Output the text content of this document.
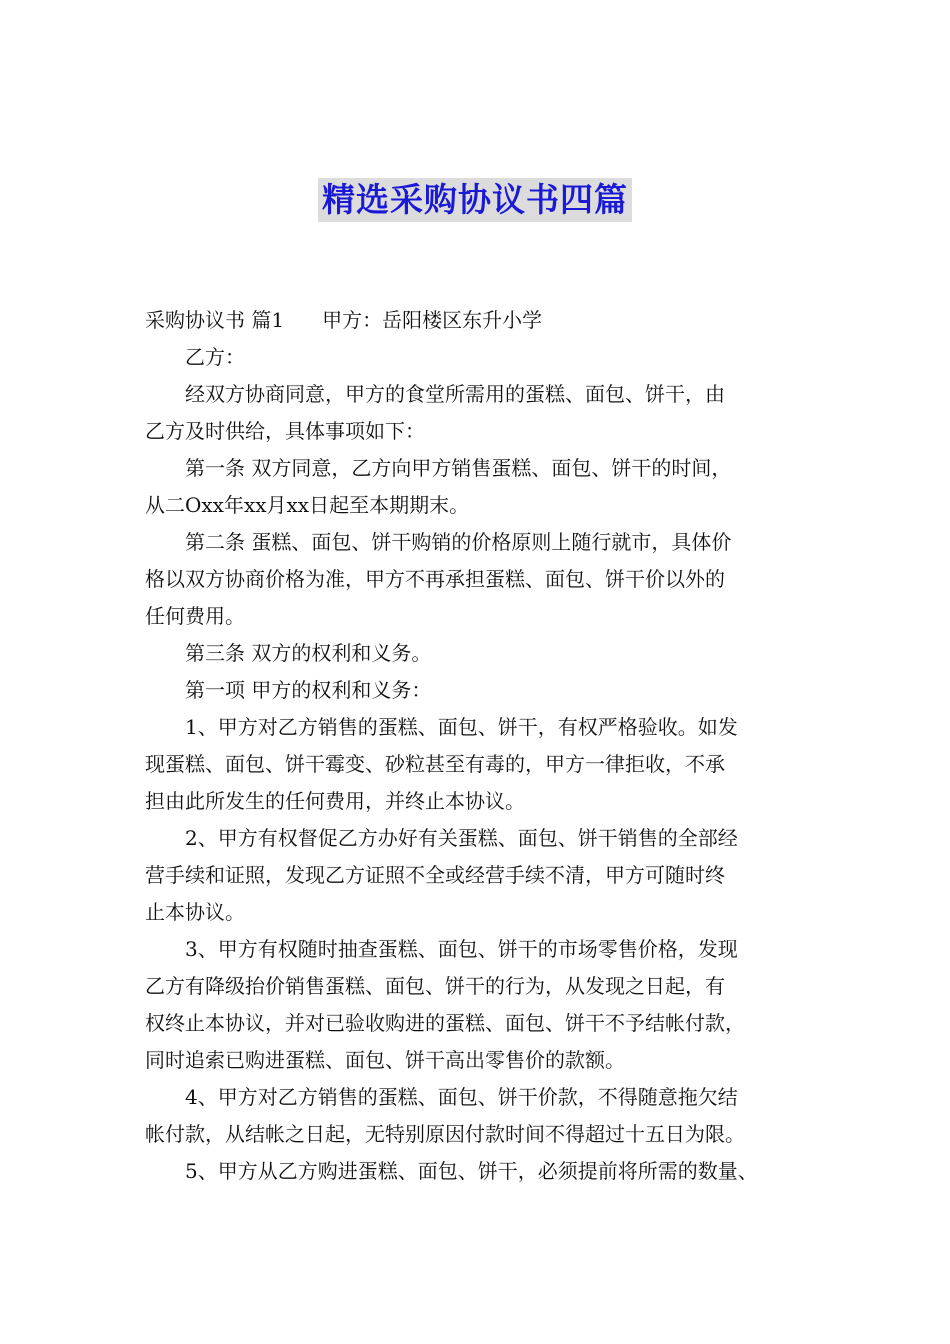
精选采购协议书四篇
采购协议书 篇1 甲方：岳阳楼区东升小学
　　乙方：
　　经双方协商同意，甲方的食堂所需用的蛋糕、面包、饼干，由
乙方及时供给，具体事项如下：
　　第一条 双方同意，乙方向甲方销售蛋糕、面包、饼干的时间，
从二Oxx年xx月xx日起至本期期末。
　　第二条 蛋糕、面包、饼干购销的价格原则上随行就市，具体价
格以双方协商价格为准，甲方不再承担蛋糕、面包、饼干价以外的
任何费用。
　　第三条 双方的权利和义务。
　　第一项 甲方的权利和义务：
　　1、甲方对乙方销售的蛋糕、面包、饼干，有权严格验收。如发
现蛋糕、面包、饼干霉变、砂粒甚至有毒的，甲方一律拒收，不承
担由此所发生的任何费用，并终止本协议。
　　2、甲方有权督促乙方办好有关蛋糕、面包、饼干销售的全部经
营手续和证照，发现乙方证照不全或经营手续不清，甲方可随时终
止本协议。
　　3、甲方有权随时抽查蛋糕、面包、饼干的市场零售价格，发现
乙方有降级抬价销售蛋糕、面包、饼干的行为，从发现之日起，有
权终止本协议，并对已验收购进的蛋糕、面包、饼干不予结帐付款，
同时追索已购进蛋糕、面包、饼干高出零售价的款额。
　　4、甲方对乙方销售的蛋糕、面包、饼干价款，不得随意拖欠结
帐付款，从结帐之日起，无特别原因付款时间不得超过十五日为限。
　　5、甲方从乙方购进蛋糕、面包、饼干，必须提前将所需的数量、
